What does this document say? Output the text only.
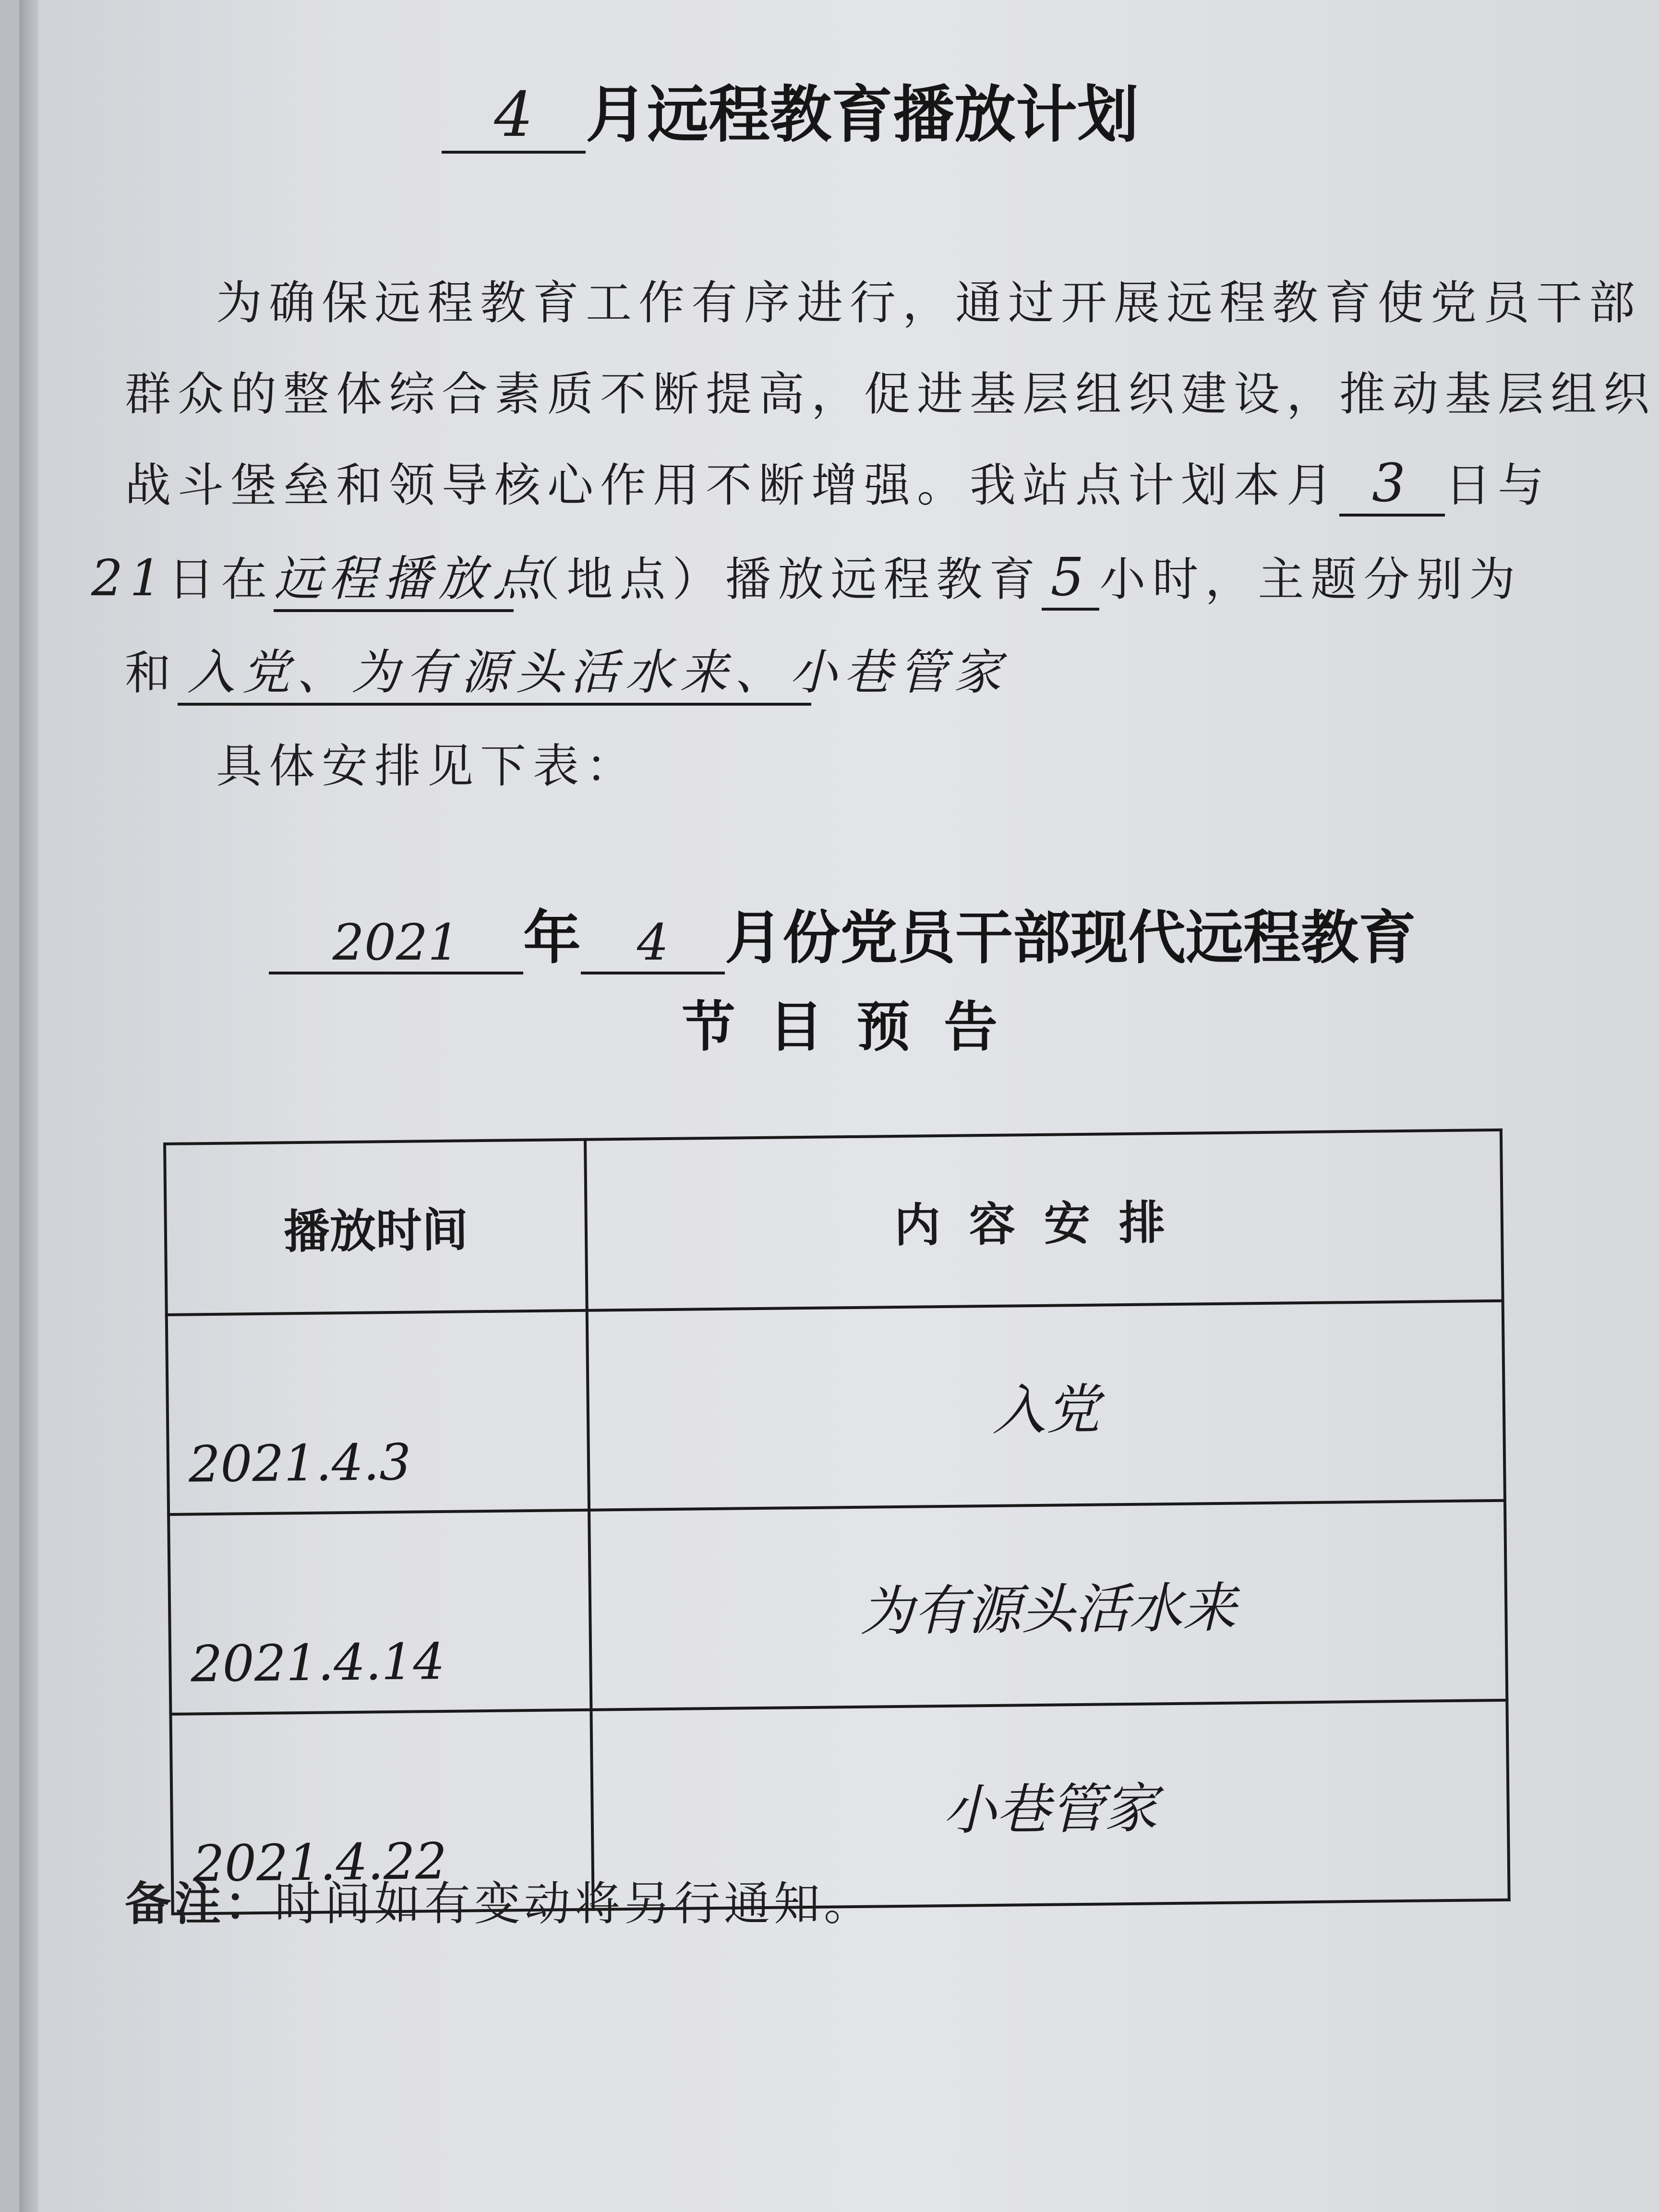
4 月远程教育播放计划
为确保远程教育工作有序进行，通过开展远程教育使党员干部
群众的整体综合素质不断提高，促进基层组织建设，推动基层组织
战斗堡垒和领导核心作用不断增强。我站点计划本月 3 日与
21日在远程播放点（地点）播放远程教育 5 小时，主题分别为
和 入党、为有源头活水来、小巷管家
具体安排见下表：
2021	年	4 月份党员干部现代远程教育
节目预告
播放时间	内容安排
2021.4.3	入党
2021.4.14	为有源头活水来
2021.4.22	小巷管家
备注：时间如有变动将另行通知。
